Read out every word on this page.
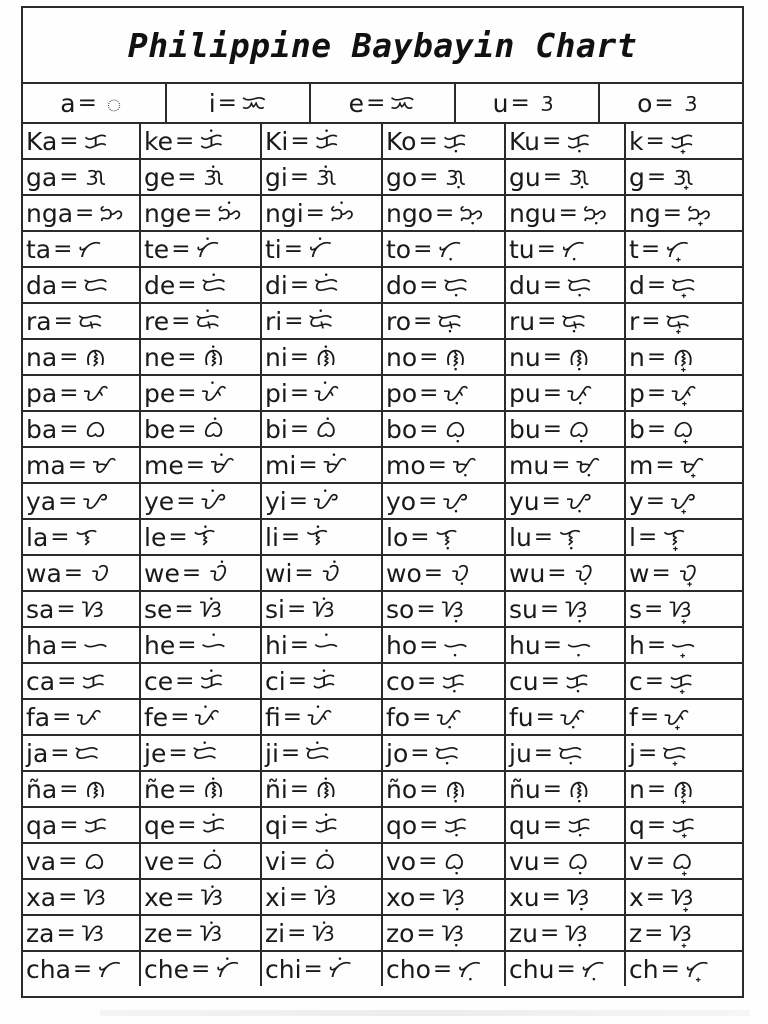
Philippine Baybayin Chart
a = ᜀ	i = ᜁ	e = ᜁ	u = ᜂ	o = ᜂ
Ka = ᜃ ke = ᜃ Ki = ᜃ Ko = ᜃ Ku = ᜃ k = ᜃ
ga = ᜄ ge = ᜄ gi = ᜄ go = ᜄ gu = ᜄ g = ᜄ
nga = ᜅ nge = ᜅ ngi = ᜅ ngo = ᜅ ngu = ᜅ ng = ᜅ
ta = ᜆ te = ᜆ ti = ᜆ to = ᜆ tu = ᜆ t = ᜆ
da = ᜇ de = ᜇ di = ᜇ do = ᜇ du = ᜇ d = ᜇ
ra = ᜍ re = ᜍ ri = ᜍ ro = ᜍ ru = ᜍ r = ᜍ
na = ᜈ ne = ᜈ ni = ᜈ no = ᜈ nu = ᜈ n = ᜈ
pa = ᜉ pe = ᜉ pi = ᜉ po = ᜉ pu = ᜉ p = ᜉ
ba = ᜊ be = ᜊ bi = ᜊ bo = ᜊ bu = ᜊ b = ᜊ
ma = ᜋ me = ᜋ mi = ᜋ mo = ᜋ mu = ᜋ m = ᜋ
ya = ᜌ ye = ᜌ yi = ᜌ yo = ᜌ yu = ᜌ y = ᜌ
la = ᜎ le = ᜎ li = ᜎ lo = ᜎ lu = ᜎ l = ᜎ
wa = ᜏ we = ᜏ wi = ᜏ wo = ᜏ wu = ᜏ w = ᜏ
sa = ᜐ se = ᜐ si = ᜐ so = ᜐ su = ᜐ s = ᜐ
ha = ᜑ he = ᜑ hi = ᜑ ho = ᜑ hu = ᜑ h = ᜑ
ca = ᜃ ce = ᜃ ci = ᜃ co = ᜃ cu = ᜃ c = ᜃ
fa = ᜉ fe = ᜉ fi = ᜉ fo = ᜉ fu = ᜉ f = ᜉ
ja = ᜇ je = ᜇ ji = ᜇ jo = ᜇ ju = ᜇ j = ᜇ
ña = ᜈ ñe = ᜈ ñi = ᜈ ño = ᜈ ñu = ᜈ n = ᜈ
qa = ᜃ qe = ᜃ qi = ᜃ qo = ᜃ qu = ᜃ q = ᜃ
va = ᜊ ve = ᜊ vi = ᜊ vo = ᜊ vu = ᜊ v = ᜊ
xa = ᜐ xe = ᜐ xi = ᜐ xo = ᜐ xu = ᜐ x = ᜐ
za = ᜐ ze = ᜐ zi = ᜐ zo = ᜐ zu = ᜐ z = ᜐ
cha = ᜆ che = ᜆ chi = ᜆ cho = ᜆ chu = ᜆ ch = ᜆ
